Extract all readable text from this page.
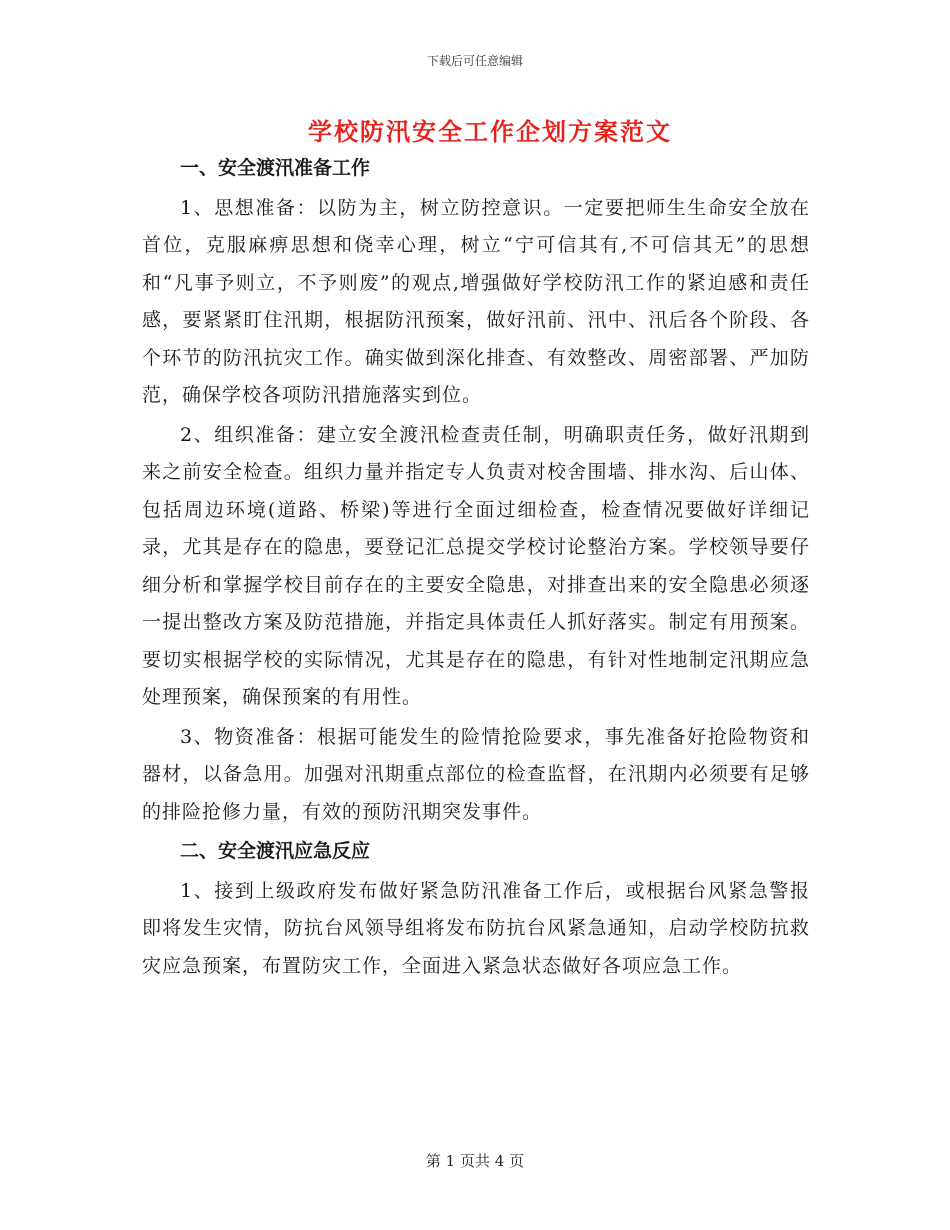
下载后可任意编辑
学校防汛安全工作企划方案范文
一、安全渡汛准备工作

1、思想准备：以防为主，树立防控意识。一定要把师生生命安全放在首位，克服麻痹思想和侥幸心理，树立“宁可信其有,不可信其无”的思想和“凡事予则立，不予则废”的观点,增强做好学校防汛工作的紧迫感和责任感，要紧紧盯住汛期，根据防汛预案，做好汛前、汛中、汛后各个阶段、各个环节的防汛抗灾工作。确实做到深化排查、有效整改、周密部署、严加防范，确保学校各项防汛措施落实到位。

2、组织准备：建立安全渡汛检查责任制，明确职责任务，做好汛期到来之前安全检查。组织力量并指定专人负责对校舍围墙、排水沟、后山体、包括周边环境(道路、桥梁)等进行全面过细检查，检查情况要做好详细记录，尤其是存在的隐患，要登记汇总提交学校讨论整治方案。学校领导要仔细分析和掌握学校目前存在的主要安全隐患，对排查出来的安全隐患必须逐一提出整改方案及防范措施，并指定具体责任人抓好落实。制定有用预案。要切实根据学校的实际情况，尤其是存在的隐患，有针对性地制定汛期应急处理预案，确保预案的有用性。

3、物资准备：根据可能发生的险情抢险要求，事先准备好抢险物资和器材，以备急用。加强对汛期重点部位的检查监督，在汛期内必须要有足够的排险抢修力量，有效的预防汛期突发事件。

二、安全渡汛应急反应

1、接到上级政府发布做好紧急防汛准备工作后，或根据台风紧急警报即将发生灾情，防抗台风领导组将发布防抗台风紧急通知，启动学校防抗救灾应急预案，布置防灾工作，全面进入紧急状态做好各项应急工作。

第 1 页共 4 页
